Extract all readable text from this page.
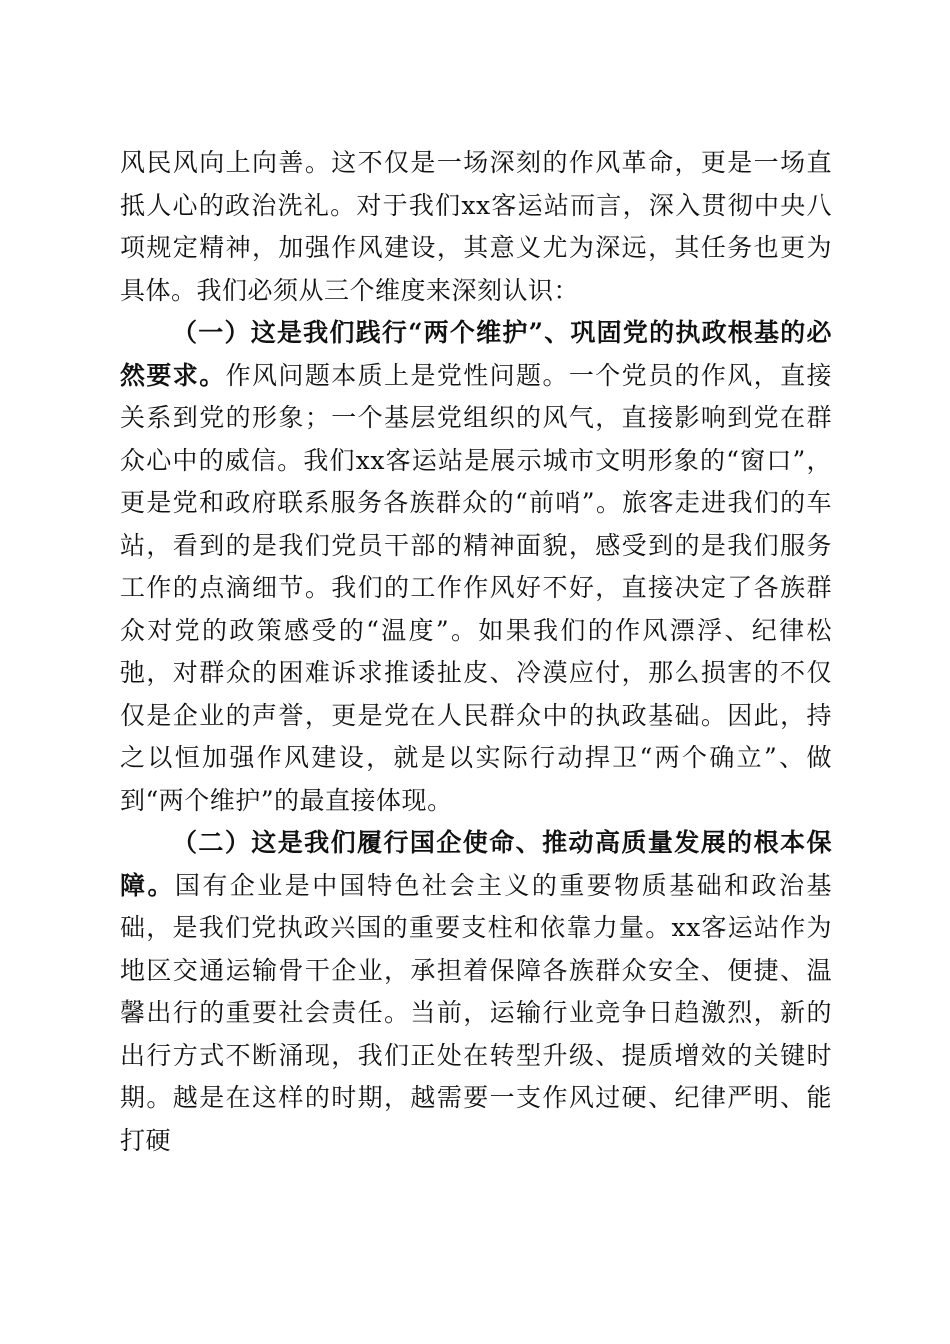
风民风向上向善。这不仅是一场深刻的作风革命，更是一场直抵人心的政治洗礼。对于我们xx客运站而言，深入贯彻中央八项规定精神，加强作风建设，其意义尤为深远，其任务也更为具体。我们必须从三个维度来深刻认识：

（一）这是我们践行“两个维护”、巩固党的执政根基的必然要求。作风问题本质上是党性问题。一个党员的作风，直接关系到党的形象；一个基层党组织的风气，直接影响到党在群众心中的威信。我们xx客运站是展示城市文明形象的“窗口”，更是党和政府联系服务各族群众的“前哨”。旅客走进我们的车站，看到的是我们党员干部的精神面貌，感受到的是我们服务工作的点滴细节。我们的工作作风好不好，直接决定了各族群众对党的政策感受的“温度”。如果我们的作风漂浮、纪律松弛，对群众的困难诉求推诿扯皮、冷漠应付，那么损害的不仅仅是企业的声誉，更是党在人民群众中的执政基础。因此，持之以恒加强作风建设，就是以实际行动捍卫“两个确立”、做到“两个维护”的最直接体现。

（二）这是我们履行国企使命、推动高质量发展的根本保障。国有企业是中国特色社会主义的重要物质基础和政治基础，是我们党执政兴国的重要支柱和依靠力量。xx客运站作为地区交通运输骨干企业，承担着保障各族群众安全、便捷、温馨出行的重要社会责任。当前，运输行业竞争日趋激烈，新的出行方式不断涌现，我们正处在转型升级、提质增效的关键时期。越是在这样的时期，越需要一支作风过硬、纪律严明、能打硬
